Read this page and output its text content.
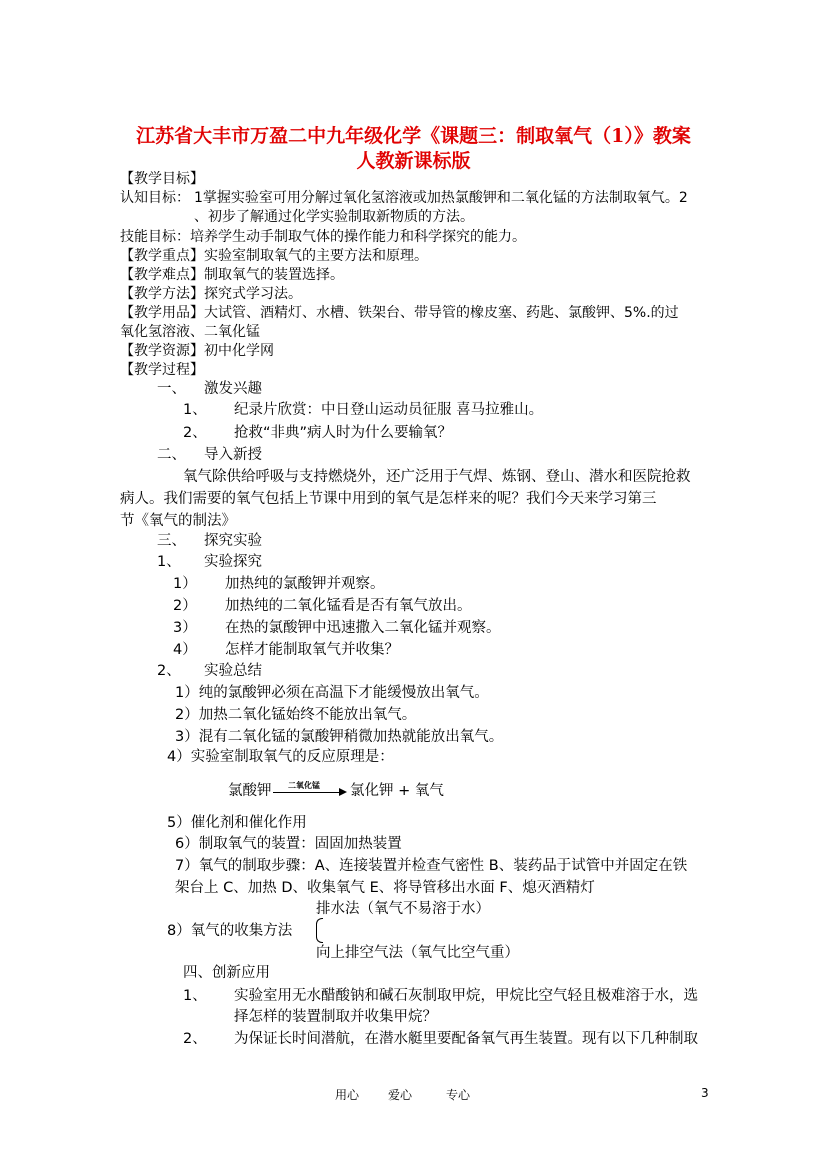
江苏省大丰市万盈二中九年级化学《课题三：制取氧气（1）》教案
人教新课标版
【教学目标】
认知目标： 1掌握实验室可用分解过氧化氢溶液或加热氯酸钾和二氧化锰的方法制取氧气。2
、初步了解通过化学实验制取新物质的方法。
技能目标：培养学生动手制取气体的操作能力和科学探究的能力。
【教学重点】实验室制取氧气的主要方法和原理。
【教学难点】制取氧气的装置选择。
【教学方法】探究式学习法。
【教学用品】大试管、酒精灯、水槽、铁架台、带导管的橡皮塞、药匙、氯酸钾、5%.的过
氧化氢溶液、二氧化锰
【教学资源】初中化学网
【教学过程】
一、 激发兴趣
1、 纪录片欣赏：中日登山运动员征服 喜马拉雅山。
2、 抢救“非典”病人时为什么要输氧？
二、 导入新授
氧气除供给呼吸与支持燃烧外，还广泛用于气焊、炼钢、登山、潜水和医院抢救
病人。我们需要的氧气包括上节课中用到的氧气是怎样来的呢？我们今天来学习第三
节《氧气的制法》
三、 探究实验
1、 实验探究
1） 加热纯的氯酸钾并观察。
2） 加热纯的二氧化锰看是否有氧气放出。
3） 在热的氯酸钾中迅速撒入二氧化锰并观察。
4） 怎样才能制取氧气并收集？
2、 实验总结
1）纯的氯酸钾必须在高温下才能缓慢放出氧气。
2）加热二氧化锰始终不能放出氧气。
3）混有二氧化锰的氯酸钾稍微加热就能放出氧气。
4）实验室制取氧气的反应原理是：
氯酸钾 二氧化锰 氯化钾 + 氧气
5）催化剂和催化作用
6）制取氧气的装置：固固加热装置
7）氧气的制取步骤：A、连接装置并检查气密性 B、装药品于试管中并固定在铁
架台上 C、加热 D、收集氧气 E、将导管移出水面 F、熄灭酒精灯
排水法（氧气不易溶于水）
8）氧气的收集方法
向上排空气法（氧气比空气重）
四、创新应用
1、 实验室用无水醋酸钠和碱石灰制取甲烷，甲烷比空气轻且极难溶于水，选
择怎样的装置制取并收集甲烷？
2、 为保证长时间潜航，在潜水艇里要配备氧气再生装置。现有以下几种制取
用心 爱心	专心	3
